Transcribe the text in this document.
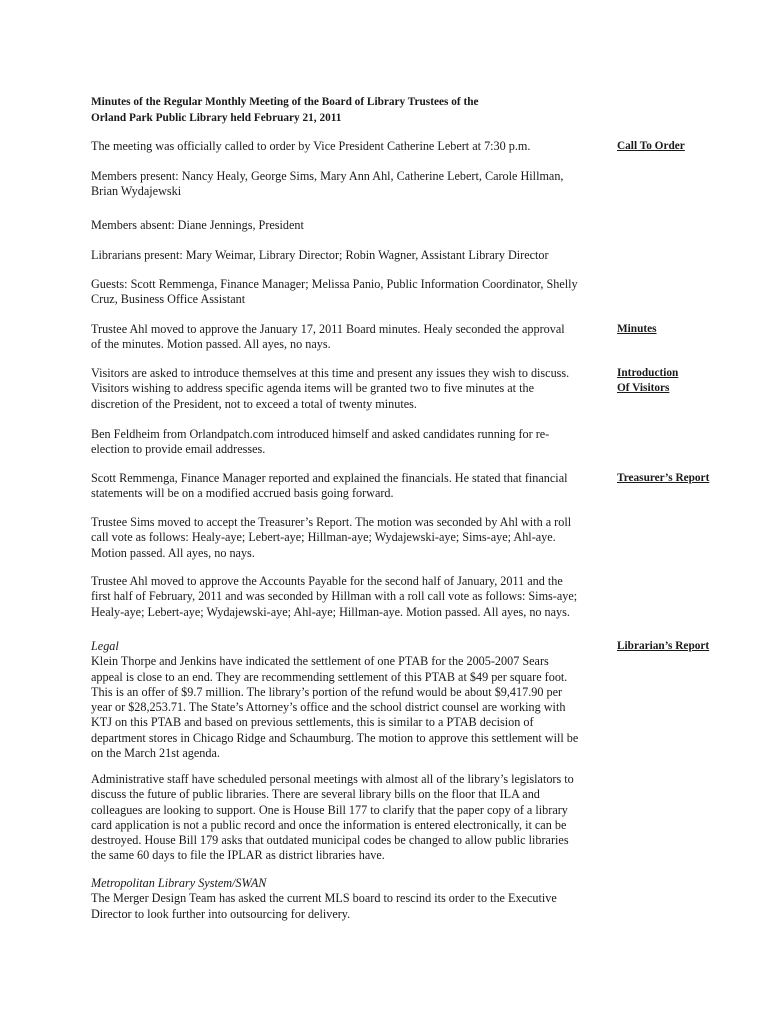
Minutes of the Regular Monthly Meeting of the Board of Library Trustees of the
Orland Park Public Library held February 21, 2011
The meeting was officially called to order by Vice President Catherine Lebert at 7:30 p.m.
Members present: Nancy Healy, George Sims, Mary Ann Ahl, Catherine Lebert, Carole Hillman,
Brian Wydajewski
Members absent: Diane Jennings, President
Librarians present: Mary Weimar, Library Director; Robin Wagner, Assistant Library Director
Guests: Scott Remmenga, Finance Manager; Melissa Panio, Public Information Coordinator, Shelly
Cruz, Business Office Assistant
Trustee Ahl moved to approve the January 17, 2011 Board minutes. Healy seconded the approval
of the minutes. Motion passed. All ayes, no nays.
Visitors are asked to introduce themselves at this time and present any issues they wish to discuss.
Visitors wishing to address specific agenda items will be granted two to five minutes at the
discretion of the President, not to exceed a total of twenty minutes.
Ben Feldheim from Orlandpatch.com introduced himself and asked candidates running for re-
election to provide email addresses.
Scott Remmenga, Finance Manager reported and explained the financials. He stated that financial
statements will be on a modified accrued basis going forward.
Trustee Sims moved to accept the Treasurer’s Report. The motion was seconded by Ahl with a roll
call vote as follows: Healy-aye; Lebert-aye; Hillman-aye; Wydajewski-aye; Sims-aye; Ahl-aye.
Motion passed. All ayes, no nays.
Trustee Ahl moved to approve the Accounts Payable for the second half of January, 2011 and the
first half of February, 2011 and was seconded by Hillman with a roll call vote as follows: Sims-aye;
Healy-aye; Lebert-aye; Wydajewski-aye; Ahl-aye; Hillman-aye. Motion passed. All ayes, no nays.
Legal
Klein Thorpe and Jenkins have indicated the settlement of one PTAB for the 2005-2007 Sears
appeal is close to an end. They are recommending settlement of this PTAB at $49 per square foot.
This is an offer of $9.7 million. The library’s portion of the refund would be about $9,417.90 per
year or $28,253.71. The State’s Attorney’s office and the school district counsel are working with
KTJ on this PTAB and based on previous settlements, this is similar to a PTAB decision of
department stores in Chicago Ridge and Schaumburg. The motion to approve this settlement will be
on the March 21st agenda.
Administrative staff have scheduled personal meetings with almost all of the library’s legislators to
discuss the future of public libraries. There are several library bills on the floor that ILA and
colleagues are looking to support. One is House Bill 177 to clarify that the paper copy of a library
card application is not a public record and once the information is entered electronically, it can be
destroyed. House Bill 179 asks that outdated municipal codes be changed to allow public libraries
the same 60 days to file the IPLAR as district libraries have.
Metropolitan Library System/SWAN
The Merger Design Team has asked the current MLS board to rescind its order to the Executive
Director to look further into outsourcing for delivery.
Call To Order
Minutes
Introduction
Of Visitors
Treasurer’s Report
Librarian’s Report
